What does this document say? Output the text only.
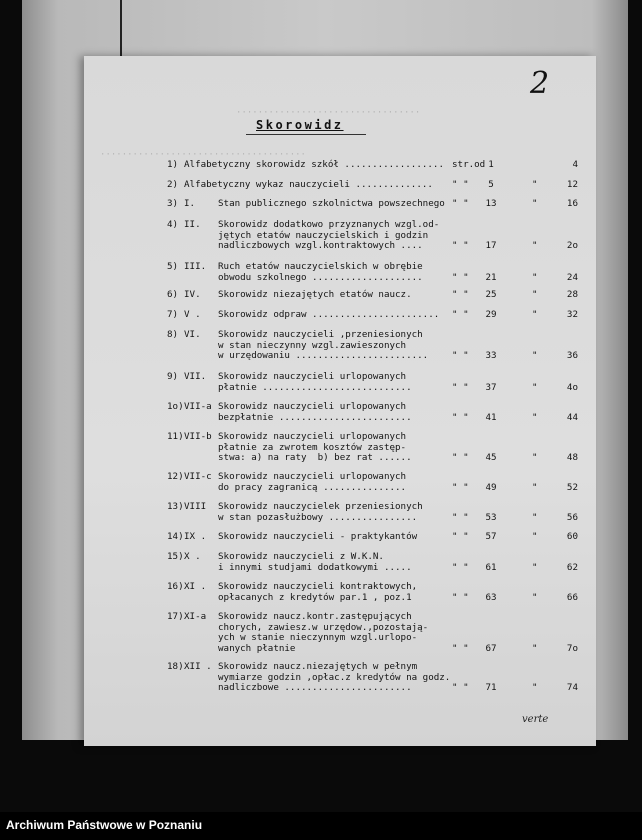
··································
······································
2
Skorowidz
1) Alfabetyczny skorowidz szkół .................. str.od 1	4
2) Alfabetyczny wykaz nauczycieli ..............	" "	5	"	12
3) I. Stan publicznego szkolnictwa powszechnego " "	13	"	16
4) II. Skorowidz dodatkowo przyznanych wzgl.od-
jętych etatów nauczycielskich i godzin
nadliczbowych wzgl.kontraktowych ....	" "	17	"	2o
5) III. Ruch etatów nauczycielskich w obrębie
obwodu szkolnego ....................	" "	21	"	24
6) IV. Skorowidz niezajętych etatów naucz.	" "	25	"	28
7) V . Skorowidz odpraw .......................	" "	29	"	32
8) VI. Skorowidz nauczycieli ,przeniesionych
w stan nieczynny wzgl.zawieszonych
w urzędowaniu ........................	" "	33	"	36
9) VII. Skorowidz nauczycieli urlopowanych
płatnie ...........................	" "	37	"	4o
1o) VII-a Skorowidz nauczycieli urlopowanych
bezpłatnie ........................	" "	41	"	44
11) VII-b Skorowidz nauczycieli urlopowanych
płatnie za zwrotem kosztów zastęp-
stwa: a) na raty  b) bez rat ......	" "	45	"	48
12) VII-c Skorowidz nauczycieli urlopowanych
do pracy zagranicą ...............	" "	49	"	52
13) VIII Skorowidz nauczycielek przeniesionych
w stan pozasłużbowy ................	" "	53	"	56
14) IX . Skorowidz nauczycieli - praktykantów	" "	57	"	60
15) X . Skorowidz nauczycieli z W.K.N.
i innymi studjami dodatkowymi .....	" "	61	"	62
16) XI . Skorowidz nauczycieli kontraktowych,
opłacanych z kredytów par.1 , poz.1	" "	63	"	66
17) XI-a Skorowidz naucz.kontr.zastępujących
chorych, zawiesz.w urzędow.,pozostają-
ych w stanie nieczynnym wzgl.urlopo-
wanych płatnie	" "	67	"	7o
18) XII . Skorowidz naucz.niezajętych w pełnym
wymiarze godzin ,opłac.z kredytów na godz.
nadliczbowe .......................	" "	71	"	74
verte
Archiwum Państwowe w Poznaniu
